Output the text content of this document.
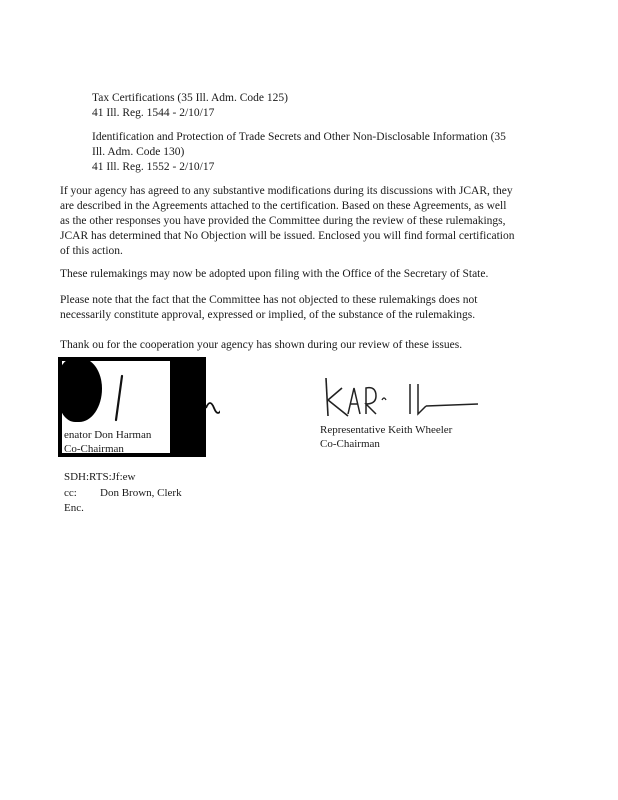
Tax Certifications (35 Ill. Adm. Code 125)
41 Ill. Reg. 1544 - 2/10/17
Identification and Protection of Trade Secrets and Other Non-Disclosable Information (35
Ill. Adm. Code 130)
41 Ill. Reg. 1552 - 2/10/17
If your agency has agreed to any substantive modifications during its discussions with JCAR, they
are described in the Agreements attached to the certification. Based on these Agreements, as well
as the other responses you have provided the Committee during the review of these rulemakings,
JCAR has determined that No Objection will be issued. Enclosed you will find formal certification
of this action.
These rulemakings may now be adopted upon filing with the Office of the Secretary of State.
Please note that the fact that the Committee has not objected to these rulemakings does not
necessarily constitute approval, expressed or implied, of the substance of the rulemakings.
Thank ou for the cooperation your agency has shown during our review of these issues.
enator Don Harman
Co-Chairman
Representative Keith Wheeler
Co-Chairman
SDH:RTS:Jf:ew
cc: Don Brown, Clerk
Enc.
